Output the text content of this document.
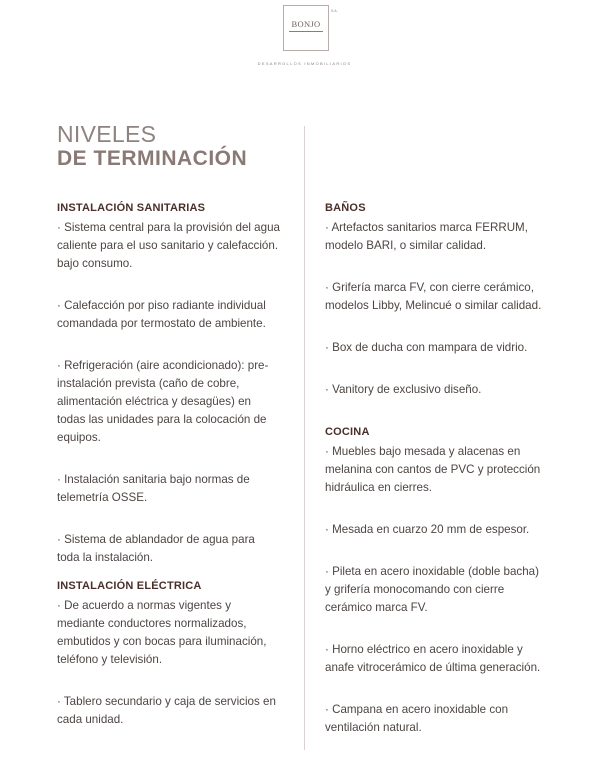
BONJO
S.A.
DESARROLLOS INMOBILIARIOS
NIVELES
DE TERMINACIÓN
INSTALACIÓN SANITARIAS
· Sistema central para la provisión del agua
caliente para el uso sanitario y calefacción.
bajo consumo.
· Calefacción por piso radiante individual
comandada por termostato de ambiente.
· Refrigeración (aire acondicionado): pre-
instalación prevista (caño de cobre,
alimentación eléctrica y desagües) en
todas las unidades para la colocación de
equipos.
· Instalación sanitaria bajo normas de
telemetría OSSE.
· Sistema de ablandador de agua para
toda la instalación.
INSTALACIÓN ELÉCTRICA
· De acuerdo a normas vigentes y
mediante conductores normalizados,
embutidos y con bocas para iluminación,
teléfono y televisión.
· Tablero secundario y caja de servicios en
cada unidad.
BAÑOS
· Artefactos sanitarios marca FERRUM,
modelo BARI, o similar calidad.
· Grifería marca FV, con cierre cerámico,
modelos Libby, Melincué o similar calidad.
· Box de ducha con mampara de vidrio.
· Vanitory de exclusivo diseño.
COCINA
· Muebles bajo mesada y alacenas en
melanina con cantos de PVC y protección
hidráulica en cierres.
· Mesada en cuarzo 20 mm de espesor.
· Pileta en acero inoxidable (doble bacha)
y grifería monocomando con cierre
cerámico marca FV.
· Horno eléctrico en acero inoxidable y
anafe vitrocerámico de última generación.
· Campana en acero inoxidable con
ventilación natural.
